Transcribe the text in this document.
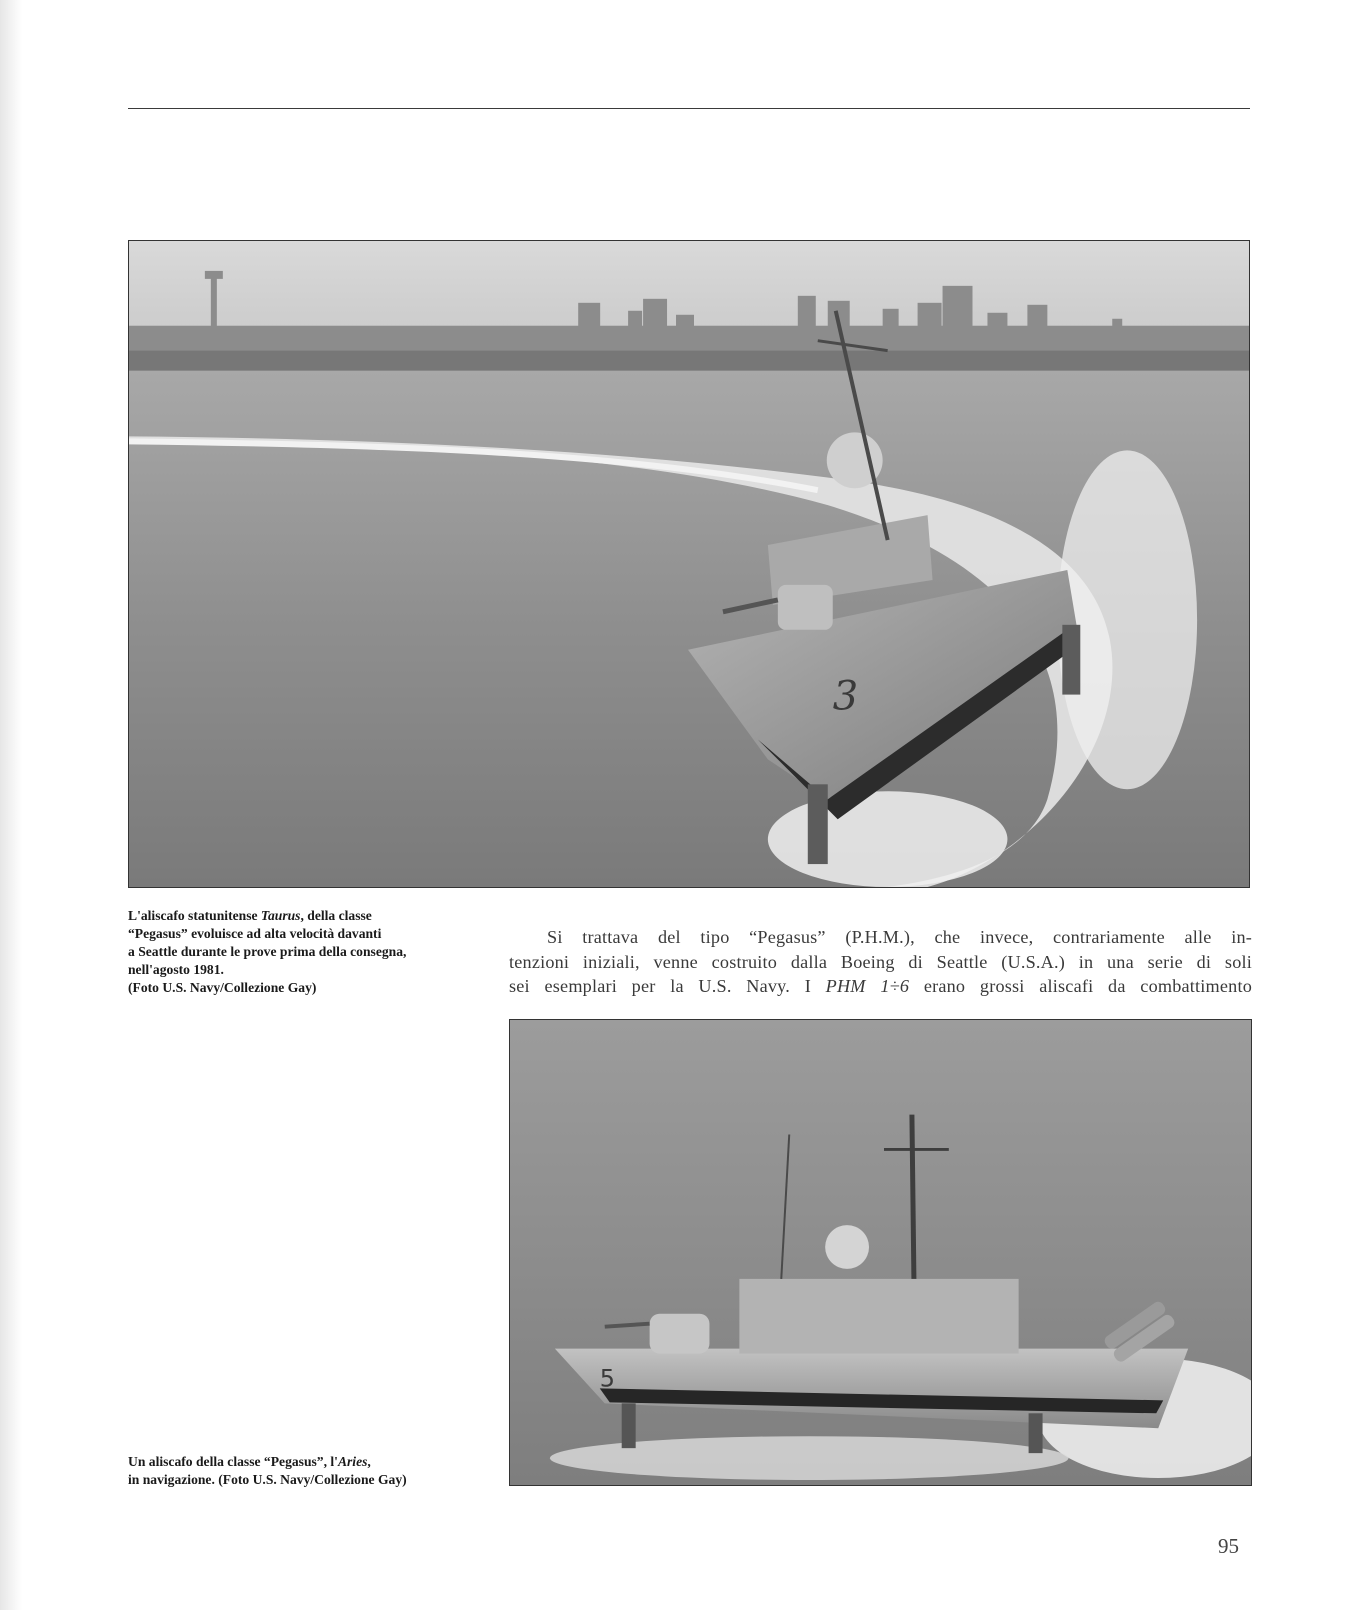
3
L'aliscafo statunitense Taurus, della classe
“Pegasus” evoluisce ad alta velocità davanti
a Seattle durante le prove prima della consegna,
nell'agosto 1981.
(Foto U.S. Navy/Collezione Gay)
Si trattava del tipo “Pegasus” (P.H.M.), che invece, contrariamente alle in-
tenzioni iniziali, venne costruito dalla Boeing di Seattle (U.S.A.) in una serie di soli
sei esemplari per la U.S. Navy. I PHM 1÷6 erano grossi aliscafi da combattimento
5
Un aliscafo della classe “Pegasus”, l'Aries,
in navigazione. (Foto U.S. Navy/Collezione Gay)
95
